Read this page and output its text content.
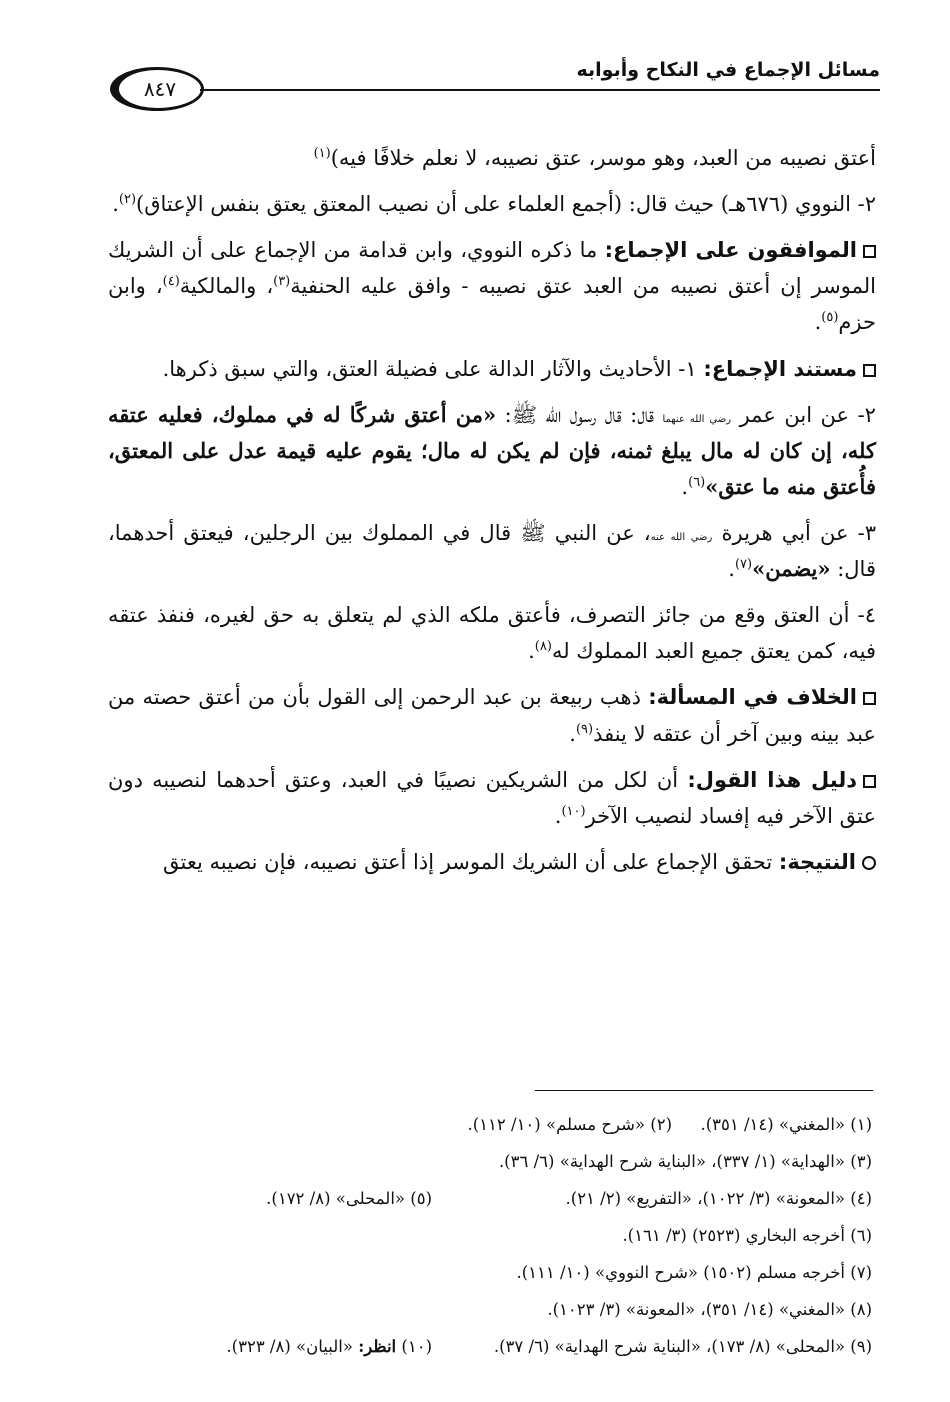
٨٤٧
مسائل الإجماع في النكاح وأبوابه

أعتق نصيبه من العبد، وهو موسر، عتق نصيبه، لا نعلم خلافًا فيه)$^{(١)}$

٢- النووي (٦٧٦هـ) حيث قال: (أجمع العلماء على أن نصيب المعتق يعتق بنفس الإعتاق)$^{(٢)}$.

الموافقون على الإجماع: ما ذكره النووي، وابن قدامة من الإجماع على أن الشريك الموسر إن أعتق نصيبه من العبد عتق نصيبه - وافق عليه الحنفية$^{(٣)}$، والمالكية$^{(٤)}$، وابن حزم$^{(٥)}$.

مستند الإجماع: ١- الأحاديث والآثار الدالة على فضيلة العتق، والتي سبق ذكرها.

٢- عن ابن عمر رضي الله عنهما قال: قال رسول الله ﷺ: «من أعتق شركًا له في مملوك، فعليه عتقه كله، إن كان له مال يبلغ ثمنه، فإن لم يكن له مال؛ يقوم عليه قيمة عدل على المعتق، فأُعتق منه ما عتق»$^{(٦)}$.

٣- عن أبي هريرة رضي الله عنه، عن النبي ﷺ قال في المملوك بين الرجلين، فيعتق أحدهما، قال: «يضمن»$^{(٧)}$.

٤- أن العتق وقع من جائز التصرف، فأعتق ملكه الذي لم يتعلق به حق لغيره، فنفذ عتقه فيه، كمن يعتق جميع العبد المملوك له$^{(٨)}$.

الخلاف في المسألة: ذهب ربيعة بن عبد الرحمن إلى القول بأن من أعتق حصته من عبد بينه وبين آخر أن عتقه لا ينفذ$^{(٩)}$.

دليل هذا القول: أن لكل من الشريكين نصيبًا في العبد، وعتق أحدهما لنصيبه دون عتق الآخر فيه إفساد لنصيب الآخر$^{(١٠)}$.

النتيجة: تحقق الإجماع على أن الشريك الموسر إذا أعتق نصيبه، فإن نصيبه يعتق

(١) «المغني» (١٤/ ٣٥١).
(٢) «شرح مسلم» (١٠/ ١١٢).
(٣) «الهداية» (١/ ٣٣٧)، «البناية شرح الهداية» (٦/ ٣٦).
(٤) «المعونة» (٣/ ١٠٢٢)، «التفريع» (٢/ ٢١).
(٥) «المحلى» (٨/ ١٧٢).
(٦) أخرجه البخاري (٢٥٢٣) (٣/ ١٦١).
(٧) أخرجه مسلم (١٥٠٢) «شرح النووي» (١٠/ ١١١).
(٨) «المغني» (١٤/ ٣٥١)، «المعونة» (٣/ ١٠٢٣).
(٩) «المحلى» (٨/ ١٧٣)، «البناية شرح الهداية» (٦/ ٣٧).
(١٠) انظر: «البيان» (٨/ ٣٢٣).
